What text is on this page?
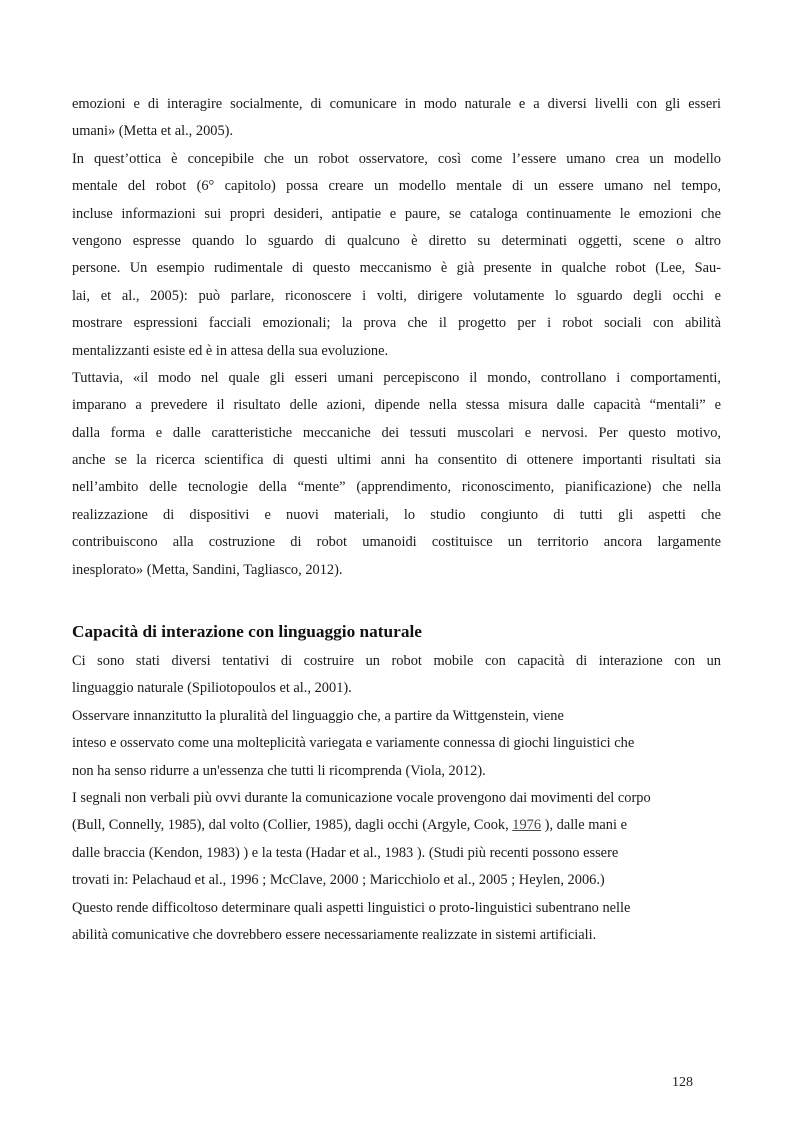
emozioni e di interagire socialmente, di comunicare in modo naturale e a diversi livelli con gli esseri
umani» (Metta et al., 2005).
In quest’ottica è concepibile che un robot osservatore, così come l’essere umano crea un modello
mentale del robot (6° capitolo) possa creare un modello mentale di un essere umano nel tempo,
incluse informazioni sui propri desideri, antipatie e paure, se cataloga continuamente le emozioni che
vengono espresse quando lo sguardo di qualcuno è diretto su determinati oggetti, scene o altro
persone. Un esempio rudimentale di questo meccanismo è già presente in qualche robot (Lee, Sau-
lai, et al., 2005): può parlare, riconoscere i volti, dirigere volutamente lo sguardo degli occhi e
mostrare espressioni facciali emozionali; la prova che il progetto per i robot sociali con abilità
mentalizzanti esiste ed è in attesa della sua evoluzione.
Tuttavia, «il modo nel quale gli esseri umani percepiscono il mondo, controllano i comportamenti,
imparano a prevedere il risultato delle azioni, dipende nella stessa misura dalle capacità “mentali” e
dalla forma e dalle caratteristiche meccaniche dei tessuti muscolari e nervosi. Per questo motivo,
anche se la ricerca scientifica di questi ultimi anni ha consentito di ottenere importanti risultati sia
nell’ambito delle tecnologie della “mente” (apprendimento, riconoscimento, pianificazione) che nella
realizzazione di dispositivi e nuovi materiali, lo studio congiunto di tutti gli aspetti che
contribuiscono alla costruzione di robot umanoidi costituisce un territorio ancora largamente
inesplorato» (Metta, Sandini, Tagliasco, 2012).
Capacità di interazione con linguaggio naturale
Ci sono stati diversi tentativi di costruire un robot mobile con capacità di interazione con un
linguaggio naturale (Spiliotopoulos et al., 2001).
Osservare innanzitutto la pluralità del linguaggio che, a partire da Wittgenstein, viene
inteso e osservato come una molteplicità variegata e variamente connessa di giochi linguistici che
non ha senso ridurre a un'essenza che tutti li ricomprenda (Viola, 2012).
I segnali non verbali più ovvi durante la comunicazione vocale provengono dai movimenti del corpo
(Bull, Connelly, 1985), dal volto (Collier, 1985), dagli occhi (Argyle, Cook, 1976 ), dalle mani e
dalle braccia (Kendon, 1983) ) e la testa (Hadar et al., 1983 ). (Studi più recenti possono essere
trovati in: Pelachaud et al., 1996 ; McClave, 2000 ; Maricchiolo et al., 2005 ; Heylen, 2006.)
Questo rende difficoltoso determinare quali aspetti linguistici o proto-linguistici subentrano nelle
abilità comunicative che dovrebbero essere necessariamente realizzate in sistemi artificiali.
128
